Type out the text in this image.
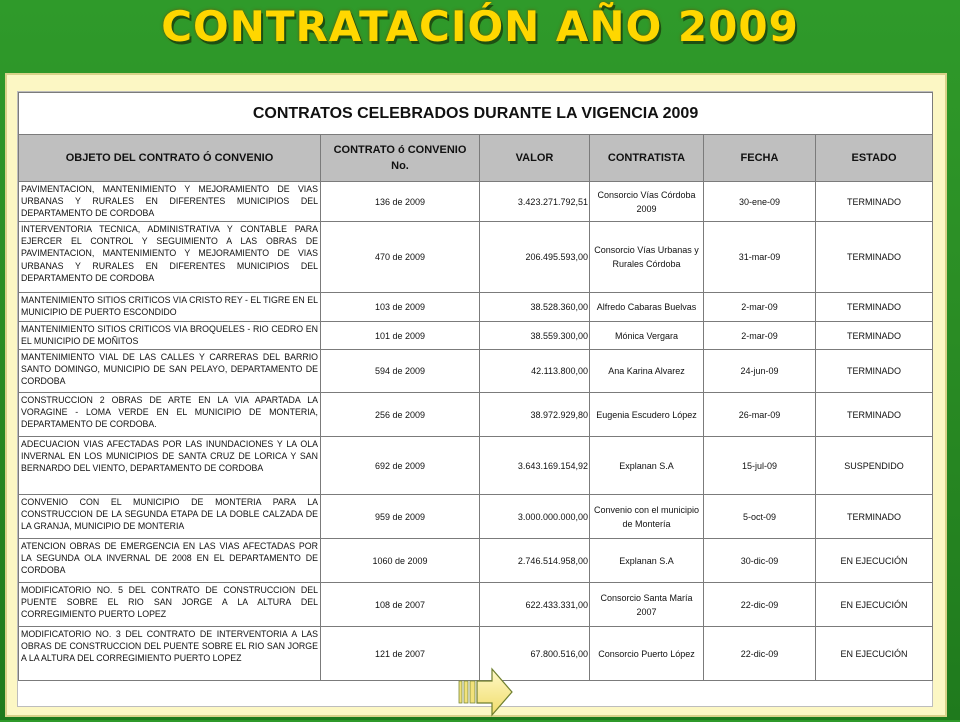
CONTRATACIÓN AÑO 2009
CONTRATOS CELEBRADOS DURANTE LA VIGENCIA 2009					
OBJETO DEL CONTRATO Ó CONVENIO	CONTRATO ó CONVENIO No.	VALOR	CONTRATISTA	FECHA	ESTADO
PAVIMENTACION, MANTENIMIENTO Y MEJORAMIENTO DE VIAS URBANAS Y RURALES EN DIFERENTES MUNICIPIOS DEL DEPARTAMENTO DE CORDOBA	136 de 2009	3.423.271.792,51	Consorcio Vías Córdoba 2009	30-ene-09	TERMINADO
INTERVENTORIA TECNICA, ADMINISTRATIVA Y CONTABLE PARA EJERCER EL CONTROL Y SEGUIMIENTO A LAS OBRAS DE PAVIMENTACION, MANTENIMIENTO Y MEJORAMIENTO DE VIAS URBANAS Y RURALES EN DIFERENTES MUNICIPIOS DEL DEPARTAMENTO DE CORDOBA	470 de 2009	206.495.593,00	Consorcio Vías Urbanas y Rurales Córdoba	31-mar-09	TERMINADO
MANTENIMIENTO SITIOS CRITICOS VIA CRISTO REY - EL TIGRE EN EL MUNICIPIO DE PUERTO ESCONDIDO	103 de 2009	38.528.360,00	Alfredo Cabaras Buelvas	2-mar-09	TERMINADO
MANTENIMIENTO SITIOS CRITICOS VIA BROQUELES - RIO CEDRO EN EL MUNICIPIO DE MOÑITOS	101 de 2009	38.559.300,00	Mónica Vergara	2-mar-09	TERMINADO
MANTENIMIENTO VIAL DE LAS CALLES Y CARRERAS DEL BARRIO SANTO DOMINGO, MUNICIPIO DE SAN PELAYO, DEPARTAMENTO DE CORDOBA	594 de 2009	42.113.800,00	Ana Karina Alvarez	24-jun-09	TERMINADO
CONSTRUCCION 2 OBRAS DE ARTE EN LA VIA APARTADA LA VORAGINE - LOMA VERDE EN EL MUNICIPIO DE MONTERIA, DEPARTAMENTO DE CORDOBA.	256 de 2009	38.972.929,80	Eugenia Escudero López	26-mar-09	TERMINADO
ADECUACION VIAS AFECTADAS POR LAS INUNDACIONES Y LA OLA INVERNAL EN LOS MUNICIPIOS DE SANTA CRUZ DE LORICA Y SAN BERNARDO DEL VIENTO, DEPARTAMENTO DE CORDOBA	692 de 2009	3.643.169.154,92	Explanan S.A	15-jul-09	SUSPENDIDO
CONVENIO CON EL MUNICIPIO DE MONTERIA PARA LA CONSTRUCCION DE LA SEGUNDA ETAPA DE LA DOBLE CALZADA DE LA GRANJA, MUNICIPIO DE MONTERIA	959 de 2009	3.000.000.000,00	Convenio con el municipio de Montería	5-oct-09	TERMINADO
ATENCION OBRAS DE EMERGENCIA EN LAS VIAS AFECTADAS POR LA SEGUNDA OLA INVERNAL DE 2008 EN EL DEPARTAMENTO DE CORDOBA	1060 de 2009	2.746.514.958,00	Explanan S.A	30-dic-09	EN EJECUCIÓN
MODIFICATORIO NO. 5 DEL CONTRATO DE CONSTRUCCION DEL PUENTE SOBRE EL RIO SAN JORGE A LA ALTURA DEL CORREGIMIENTO PUERTO LOPEZ	108 de 2007	622.433.331,00	Consorcio Santa María 2007	22-dic-09	EN EJECUCIÓN
MODIFICATORIO NO. 3 DEL CONTRATO DE INTERVENTORIA A LAS OBRAS DE CONSTRUCCION DEL PUENTE SOBRE EL RIO SAN JORGE A LA ALTURA DEL CORREGIMIENTO PUERTO LOPEZ	121 de 2007	67.800.516,00	Consorcio Puerto López	22-dic-09	EN EJECUCIÓN
